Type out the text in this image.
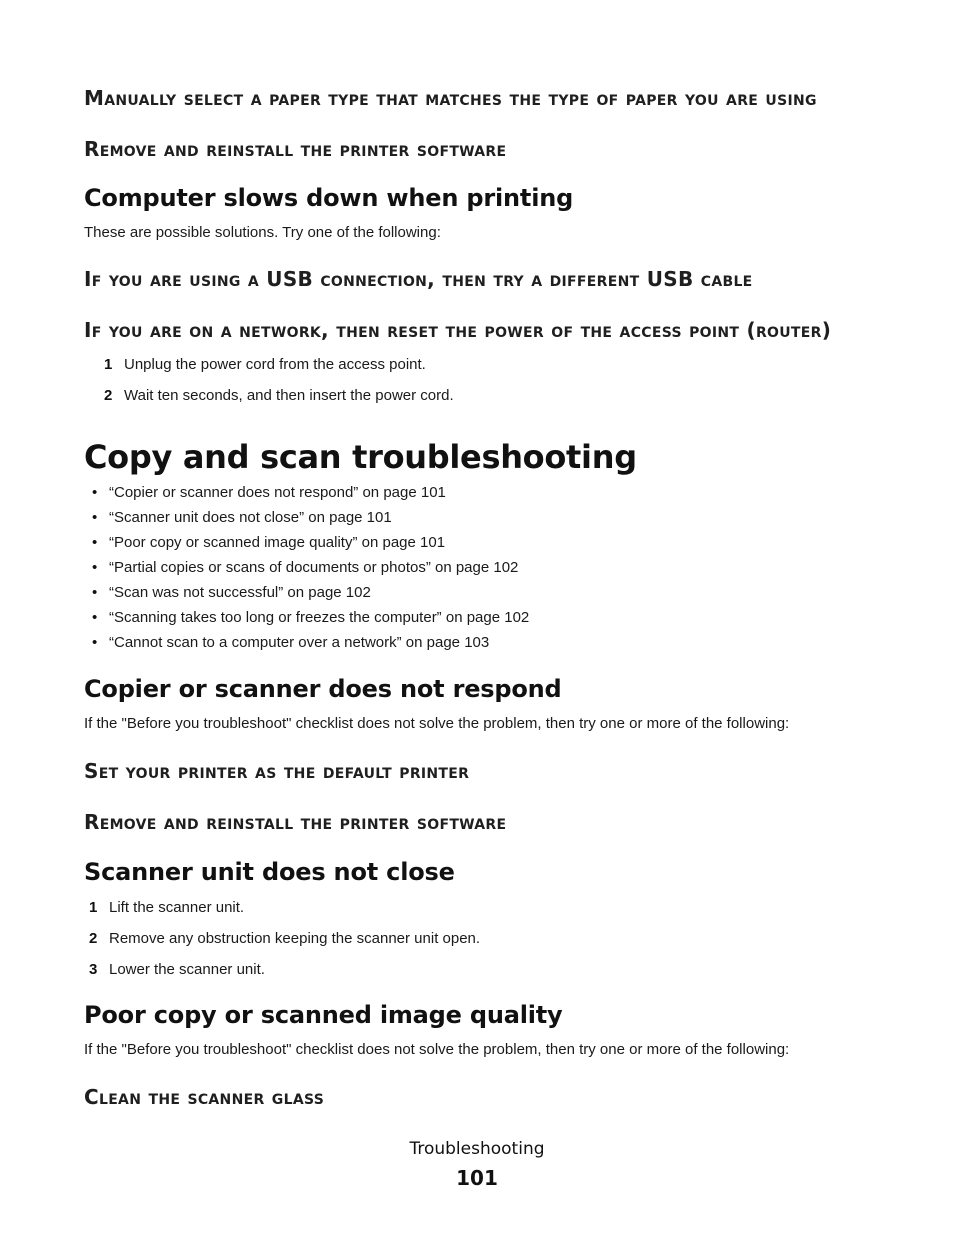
Manually select a paper type that matches the type of paper you are using
Remove and reinstall the printer software
Computer slows down when printing
These are possible solutions. Try one of the following:
If you are using a USB connection, then try a different USB cable
If you are on a network, then reset the power of the access point (router)
1 Unplug the power cord from the access point.
2 Wait ten seconds, and then insert the power cord.
Copy and scan troubleshooting
• “Copier or scanner does not respond” on page 101
• “Scanner unit does not close” on page 101
• “Poor copy or scanned image quality” on page 101
• “Partial copies or scans of documents or photos” on page 102
• “Scan was not successful” on page 102
• “Scanning takes too long or freezes the computer” on page 102
• “Cannot scan to a computer over a network” on page 103
Copier or scanner does not respond
If the "Before you troubleshoot" checklist does not solve the problem, then try one or more of the following:
Set your printer as the default printer
Remove and reinstall the printer software
Scanner unit does not close
1 Lift the scanner unit.
2 Remove any obstruction keeping the scanner unit open.
3 Lower the scanner unit.
Poor copy or scanned image quality
If the "Before you troubleshoot" checklist does not solve the problem, then try one or more of the following:
Clean the scanner glass
Troubleshooting
101
